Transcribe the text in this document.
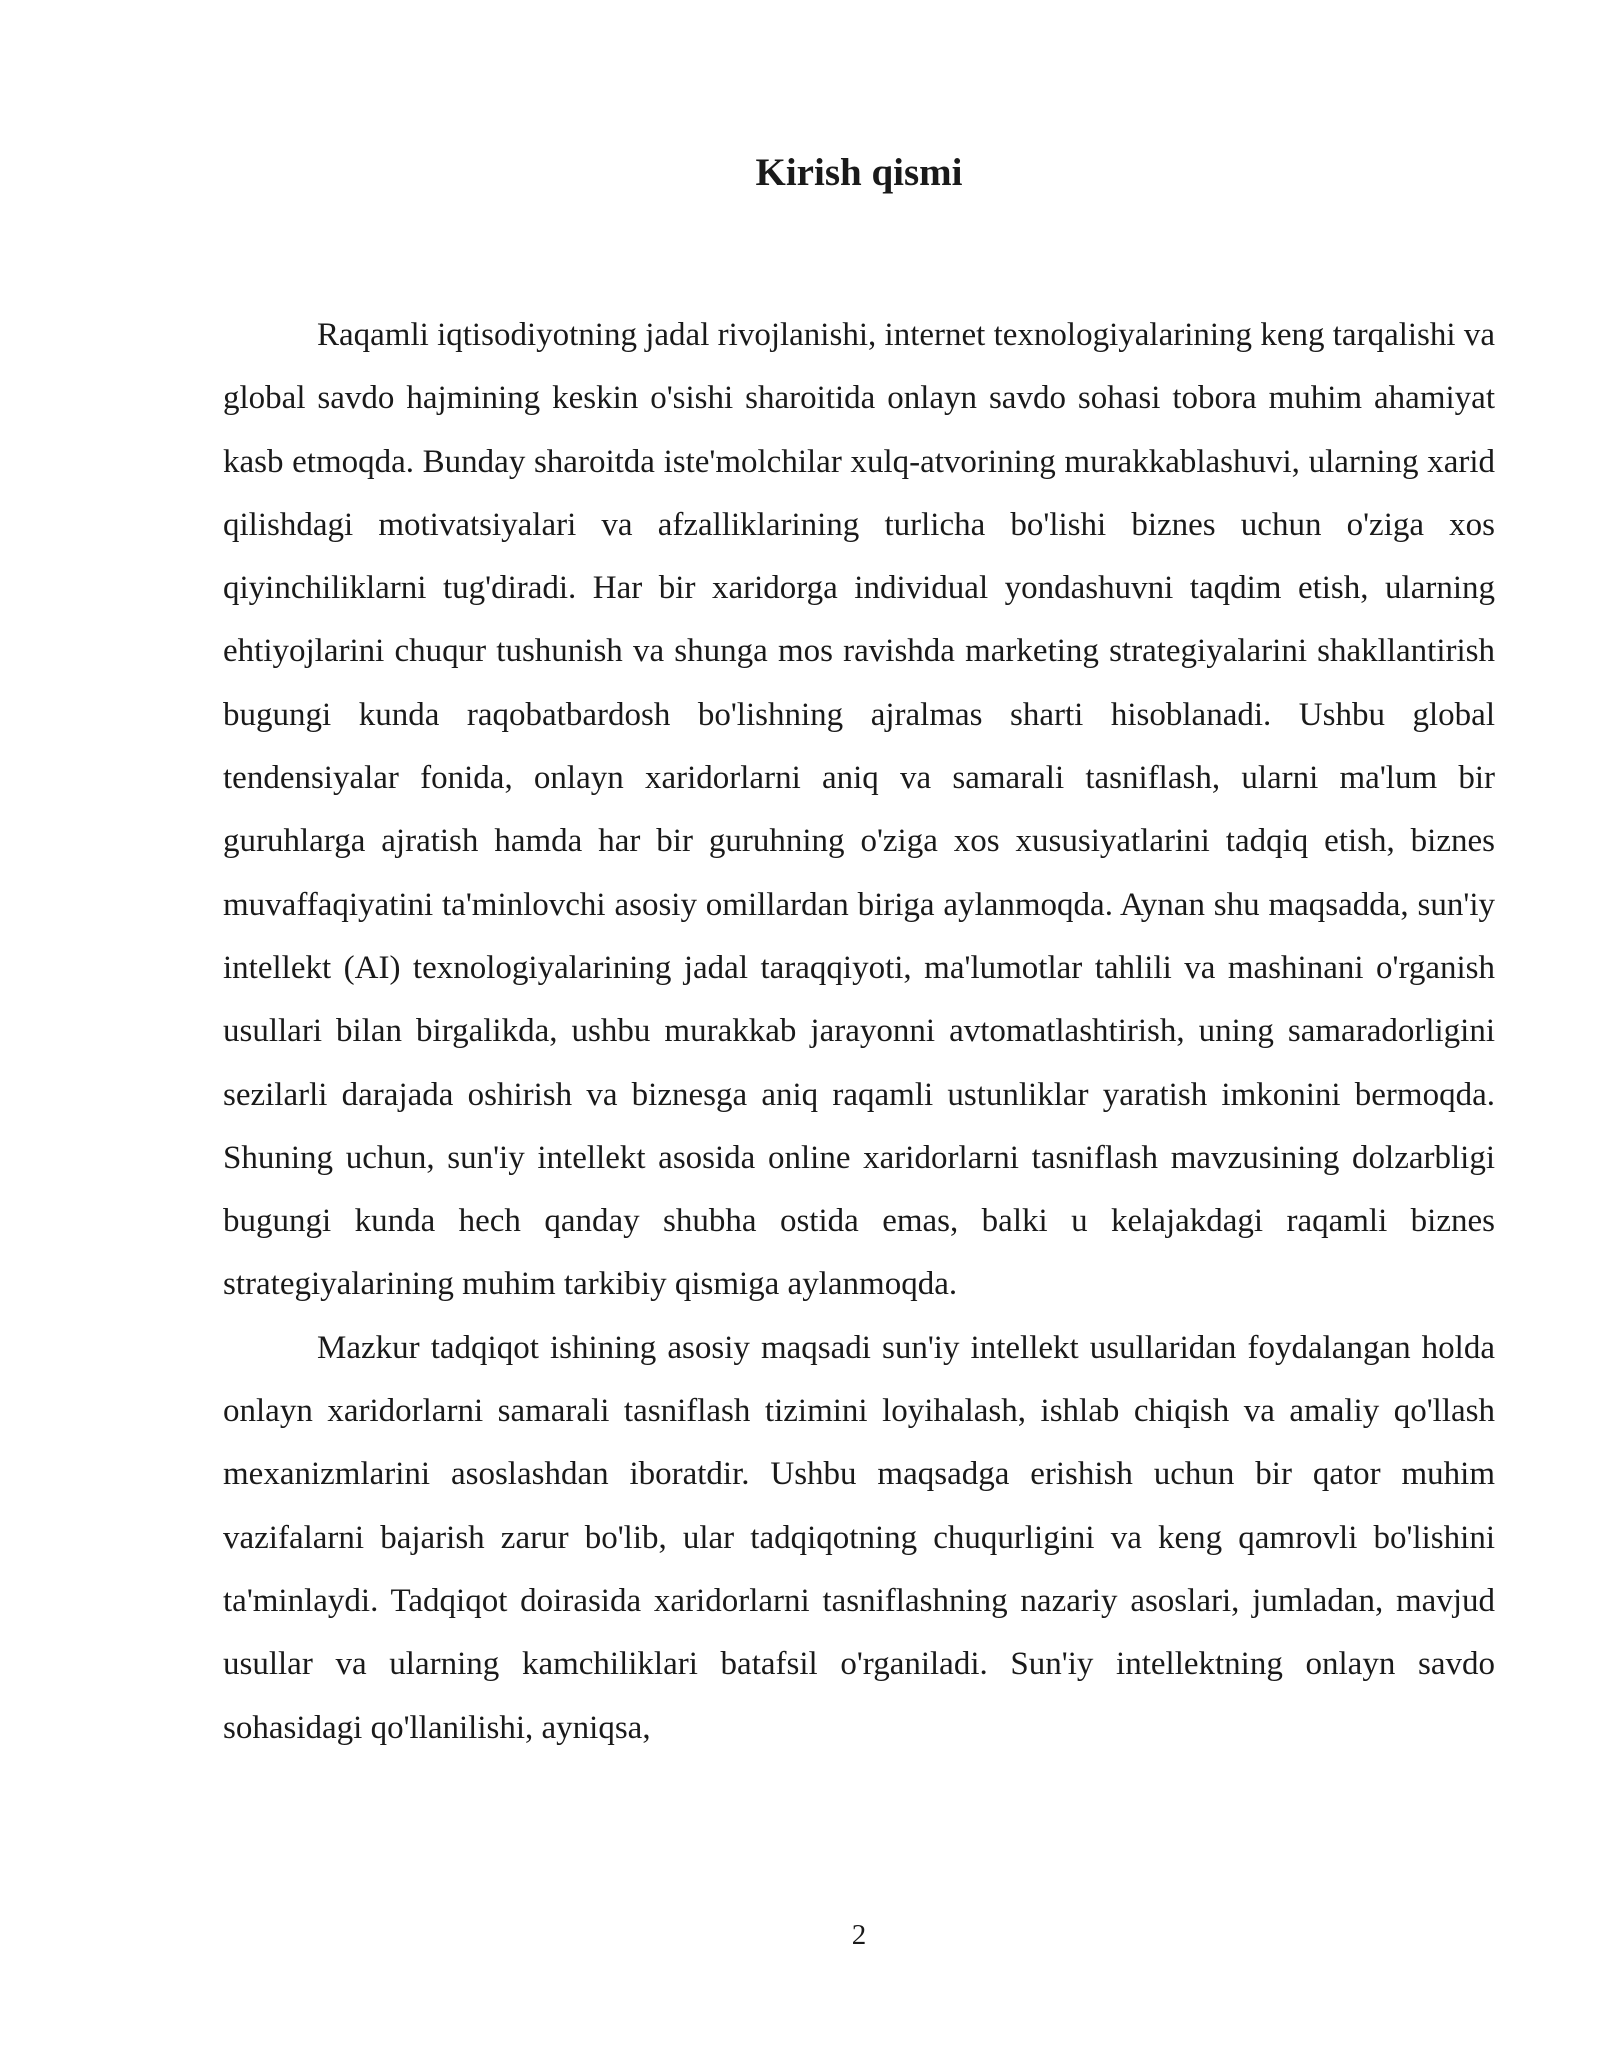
Kirish qismi

Raqamli iqtisodiyotning jadal rivojlanishi, internet texnologiyalarining keng tarqalishi va global savdo hajmining keskin o'sishi sharoitida onlayn savdo sohasi tobora muhim ahamiyat kasb etmoqda. Bunday sharoitda iste'molchilar xulq-atvorining murakkablashuvi, ularning xarid qilishdagi motivatsiyalari va afzalliklarining turlicha bo'lishi biznes uchun o'ziga xos qiyinchiliklarni tug'diradi. Har bir xaridorga individual yondashuvni taqdim etish, ularning ehtiyojlarini chuqur tushunish va shunga mos ravishda marketing strategiyalarini shakllantirish bugungi kunda raqobatbardosh bo'lishning ajralmas sharti hisoblanadi. Ushbu global tendensiyalar fonida, onlayn xaridorlarni aniq va samarali tasniflash, ularni ma'lum bir guruhlarga ajratish hamda har bir guruhning o'ziga xos xususiyatlarini tadqiq etish, biznes muvaffaqiyatini ta'minlovchi asosiy omillardan biriga aylanmoqda. Aynan shu maqsadda, sun'iy intellekt (AI) texnologiyalarining jadal taraqqiyoti, ma'lumotlar tahlili va mashinani o'rganish usullari bilan birgalikda, ushbu murakkab jarayonni avtomatlashtirish, uning samaradorligini sezilarli darajada oshirish va biznesga aniq raqamli ustunliklar yaratish imkonini bermoqda. Shuning uchun, sun'iy intellekt asosida online xaridorlarni tasniflash mavzusining dolzarbligi bugungi kunda hech qanday shubha ostida emas, balki u kelajakdagi raqamli biznes strategiyalarining muhim tarkibiy qismiga aylanmoqda.

Mazkur tadqiqot ishining asosiy maqsadi sun'iy intellekt usullaridan foydalangan holda onlayn xaridorlarni samarali tasniflash tizimini loyihalash, ishlab chiqish va amaliy qo'llash mexanizmlarini asoslashdan iboratdir. Ushbu maqsadga erishish uchun bir qator muhim vazifalarni bajarish zarur bo'lib, ular tadqiqotning chuqurligini va keng qamrovli bo'lishini ta'minlaydi. Tadqiqot doirasida xaridorlarni tasniflashning nazariy asoslari, jumladan, mavjud usullar va ularning kamchiliklari batafsil o'rganiladi. Sun'iy intellektning onlayn savdo sohasidagi qo'llanilishi, ayniqsa,

2
